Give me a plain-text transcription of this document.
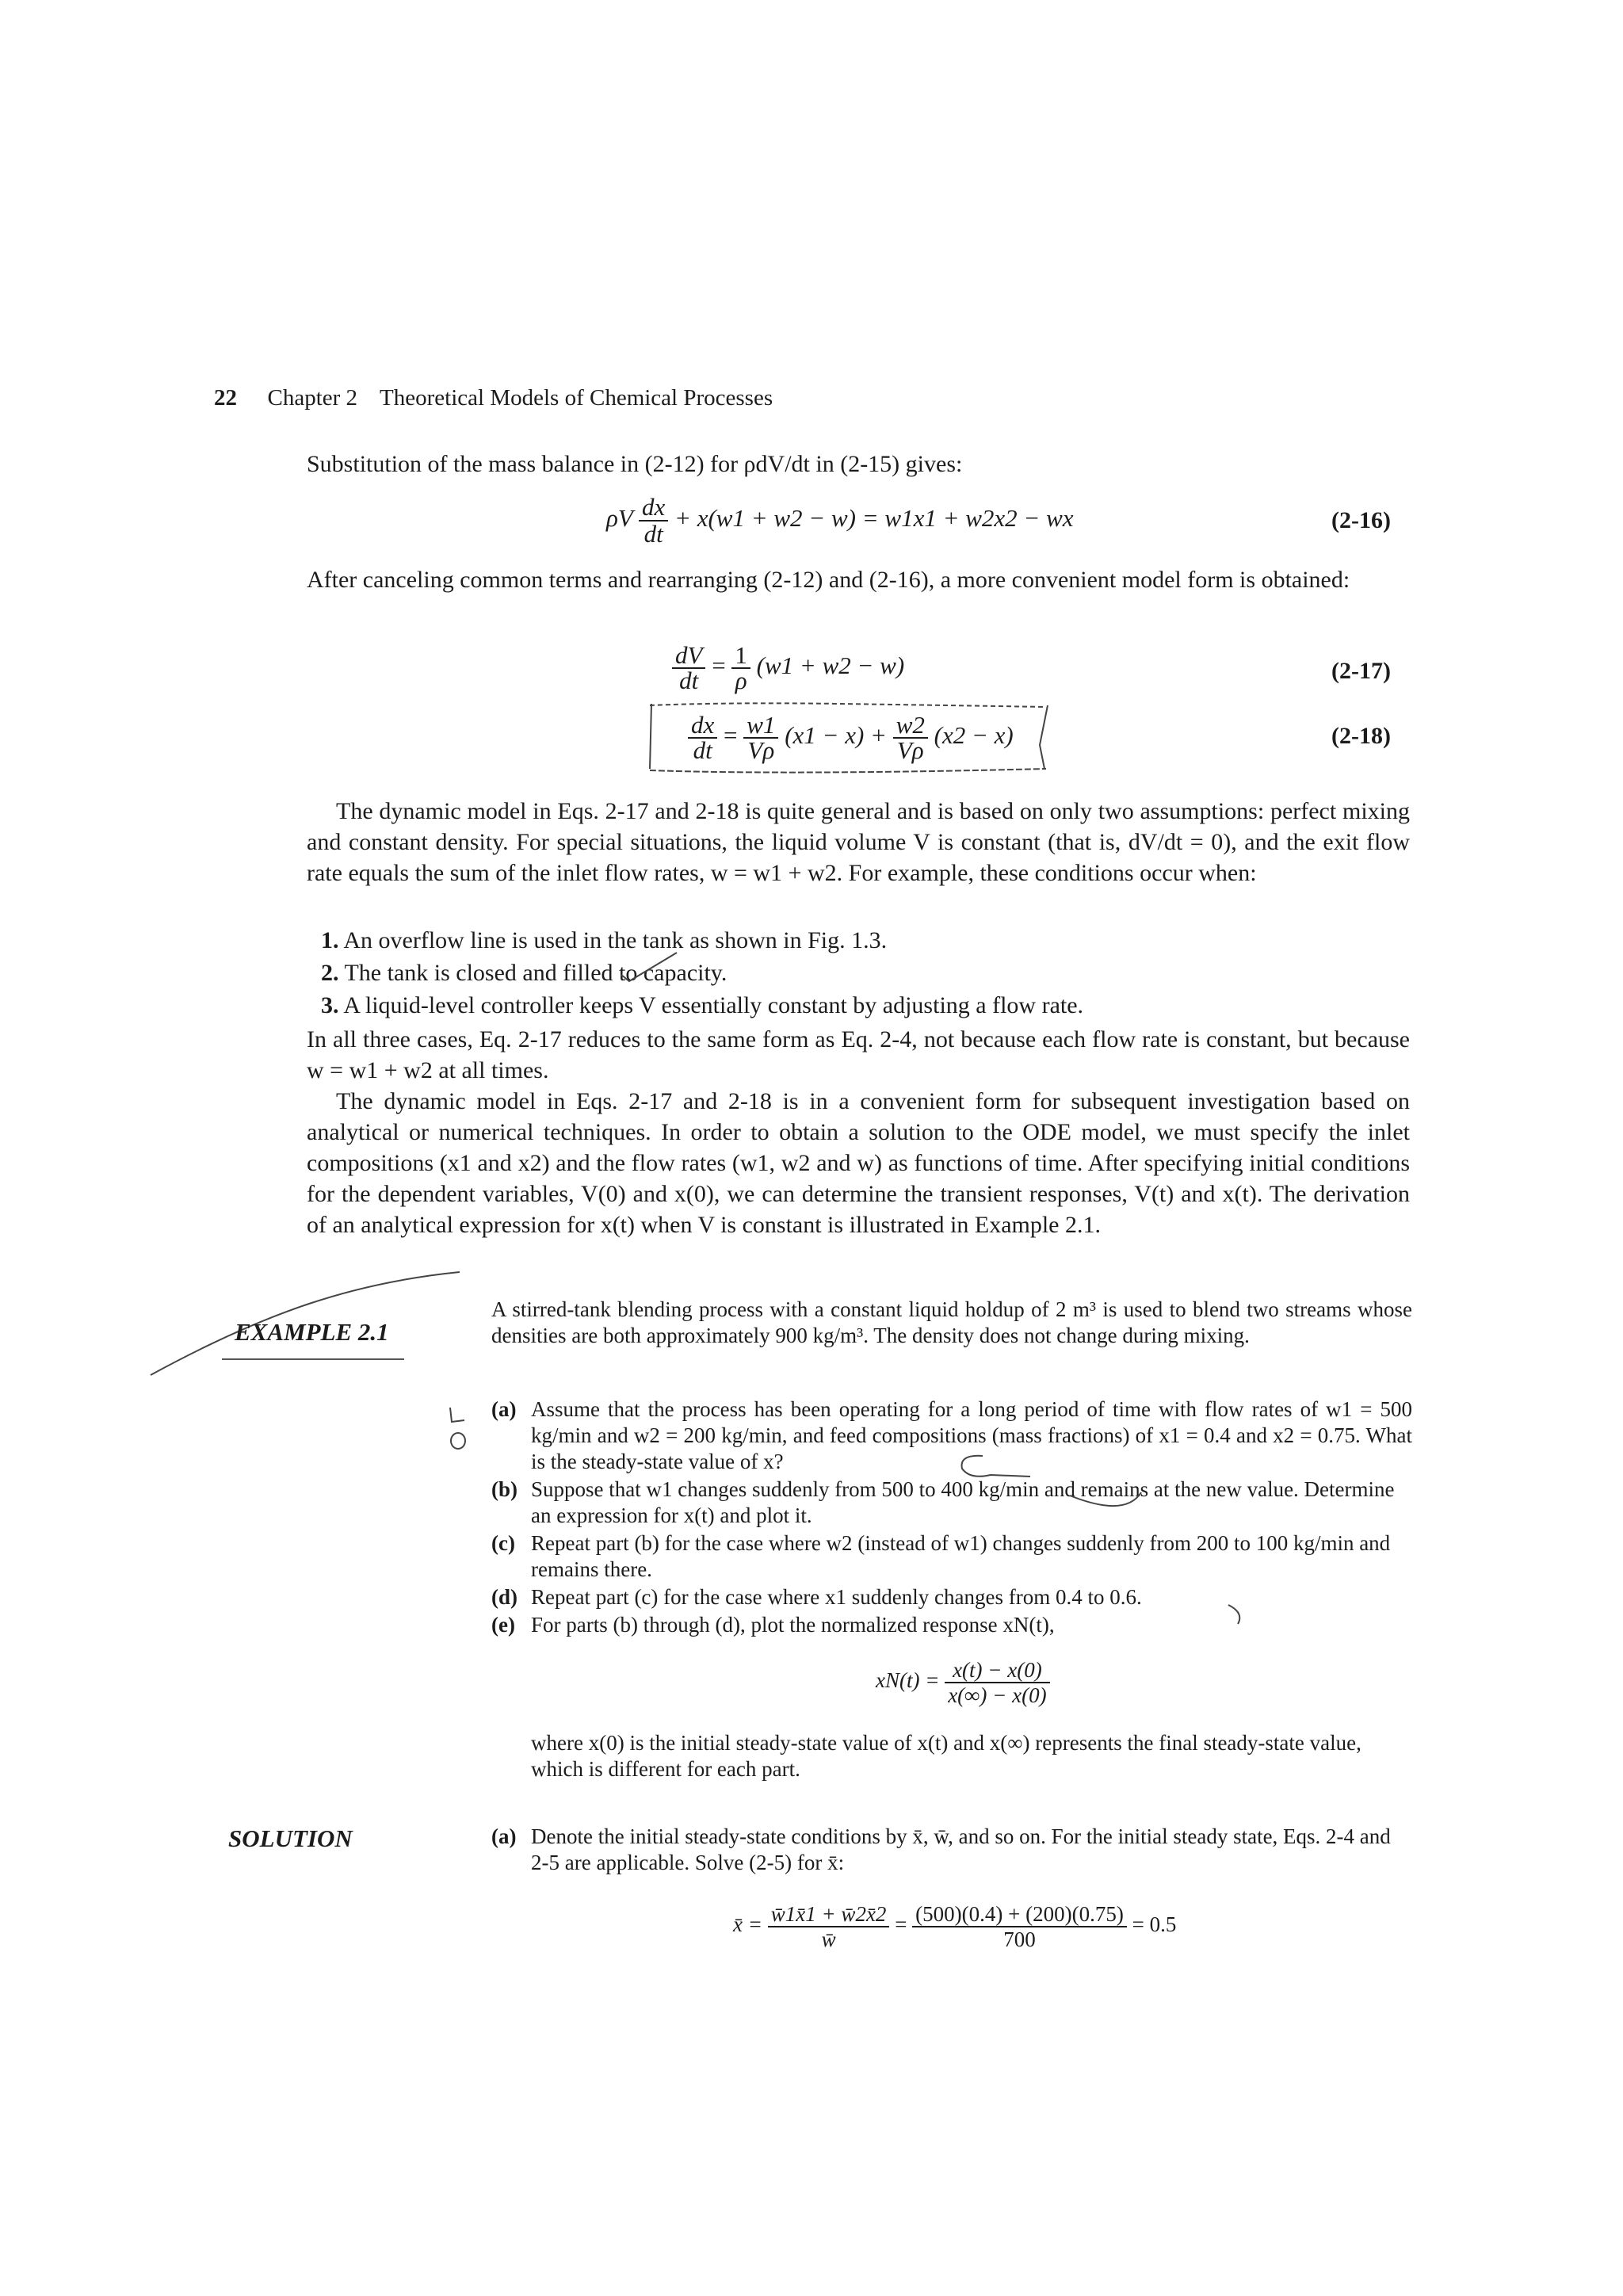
22 Chapter 2 Theoretical Models of Chemical Processes
Substitution of the mass balance in (2-12) for ρdV/dt in (2-15) gives:
ρV $\frac{dx}{dt} + x(w1 + w2 - w) = w1x1 + w2x2$ − wx	(2-16)
After canceling common terms and rearranging (2-12) and (2-16), a more convenient model form is obtained:
$\frac{dV}{dt} = \frac{1}{\rho} (w1 + w2 - w)$	(2-17)
$\frac{dx}{dt} = \frac{w1}{V\rho} (x1 - x) + \frac{w2}{V\rho} (x2 - x)$	(2-18)
The dynamic model in Eqs. 2-17 and 2-18 is quite general and is based on only two assumptions: perfect mixing and constant density. For special situations, the liquid volume V is constant (that is, dV/dt = 0), and the exit flow rate equals the sum of the inlet flow rates, w = w1 + w2. For example, these conditions occur when:
1. An overflow line is used in the tank as shown in Fig. 1.3.
2. The tank is closed and filled to capacity.
3. A liquid-level controller keeps V essentially constant by adjusting a flow rate.
In all three cases, Eq. 2-17 reduces to the same form as Eq. 2-4, not because each flow rate is constant, but because w = w1 + w2 at all times.
The dynamic model in Eqs. 2-17 and 2-18 is in a convenient form for subsequent investigation based on analytical or numerical techniques. In order to obtain a solution to the ODE model, we must specify the inlet compositions (x1 and x2) and the flow rates (w1, w2 and w) as functions of time. After specifying initial conditions for the dependent variables, V(0) and x(0), we can determine the transient responses, V(t) and x(t). The derivation of an analytical expression for x(t) when V is constant is illustrated in Example 2.1.
EXAMPLE 2.1
A stirred-tank blending process with a constant liquid holdup of 2 m³ is used to blend two streams whose densities are both approximately 900 kg/m³. The density does not change during mixing.
(a) Assume that the process has been operating for a long period of time with flow rates of w1 = 500 kg/min and w2 = 200 kg/min, and feed compositions (mass fractions) of x1 = 0.4 and x2 = 0.75. What is the steady-state value of x?
(b) Suppose that w1 changes suddenly from 500 to 400 kg/min and remains at the new value. Determine an expression for x(t) and plot it.
(c) Repeat part (b) for the case where w2 (instead of w1) changes suddenly from 200 to 100 kg/min and remains there.
(d) Repeat part (c) for the case where x1 suddenly changes from 0.4 to 0.6.
(e) For parts (b) through (d), plot the normalized response xN(t),
$xN(t) = \frac{x(t) - x(0)}{x(\infty) - x(0)}$
where x(0) is the initial steady-state value of x(t) and x(∞) represents the final steady-state value, which is different for each part.
SOLUTION	(a) Denote the initial steady-state conditions by x̄, w̄, and so on. For the initial steady state, Eqs. 2-4 and 2-5 are applicable. Solve (2-5) for x̄:
x̄ = $\frac{w̄1x̄1 + w̄2x̄2}{w̄} = \frac{(500)(0.4) + (200)(0.75)}{700} = 0.5$
